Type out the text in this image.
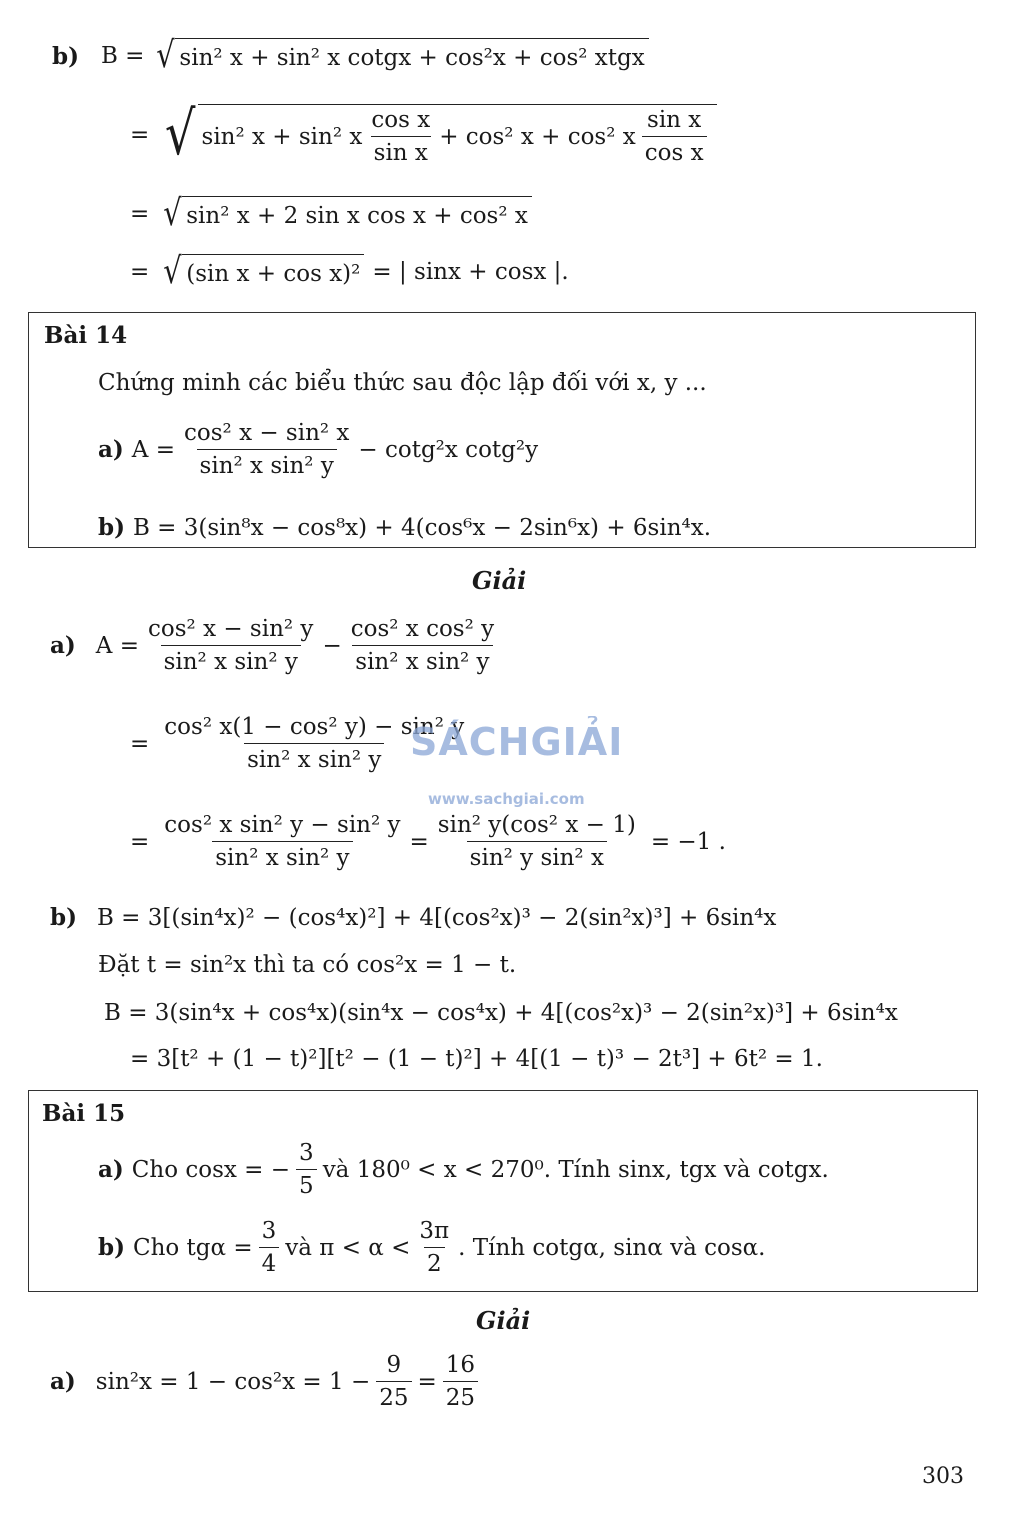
b) B = √ sin² x + sin² x cotgx + cos²x + cos² xtgx
= √ sin² x + sin² x $\frac{\text{cos x}}{\text{sin x}} + \cos^2$ x + cos² x $\frac{\text{sin x}}{\text{cos x}}$
= √ sin² x + 2 sin x cos x + cos² x
= √ (sin x + cos x)² = | sinx + cosx |.
Bài 14
Chứng minh các biểu thức sau độc lập đối với x, y ...
a) $A = \frac{\text{cos² x − sin² x}}{\text{sin² x sin² y}} - \cot g^2x$ cotg²y
b) B = 3(sin⁸x − cos⁸x) + 4(cos⁶x − 2sin⁶x) + 6sin⁴x.
Giải
a) $A = \frac{\text{cos² x − sin² y}}{\text{sin² x sin² y}} - \frac{\text{cos² x cos² y}}{\text{sin² x sin² y}}$
= $\frac{\text{cos² x(1 − cos² y) − sin² y}}{\text{sin² x sin² y}}$
= $\frac{\text{cos² x sin² y − sin² y}}{\text{sin² x sin² y}} = \frac{\text{sin² y(cos² x − 1)}}{\text{sin² y sin² x}} = -1$ .
b) B = 3[(sin⁴x)² − (cos⁴x)²] + 4[(cos²x)³ − 2(sin²x)³] + 6sin⁴x
Đặt t = sin²x thì ta có cos²x = 1 − t.
B = 3(sin⁴x + cos⁴x)(sin⁴x − cos⁴x) + 4[(cos²x)³ − 2(sin²x)³] + 6sin⁴x
= 3[t² + (1 − t)²][t² − (1 − t)²] + 4[(1 − t)³ − 2t³] + 6t² = 1.
Bài 15
a) Cho cosx = − $\frac{3}{5}$ và 180⁰ < x < 270⁰. Tính sinx, tgx và cotgx.
b) Cho $tg\alpha = \frac{3}{4}$ và $\pi < \alpha < \frac{3\pi}{2}$ . Tính cotgα, sinα và cosα.
Giải
a) $\sin^2x = 1 - \cos^2x = 1 - \frac{9}{25} = \frac{16}{25}$
SÁCHGIẢI
www.sachgiai.com
303
